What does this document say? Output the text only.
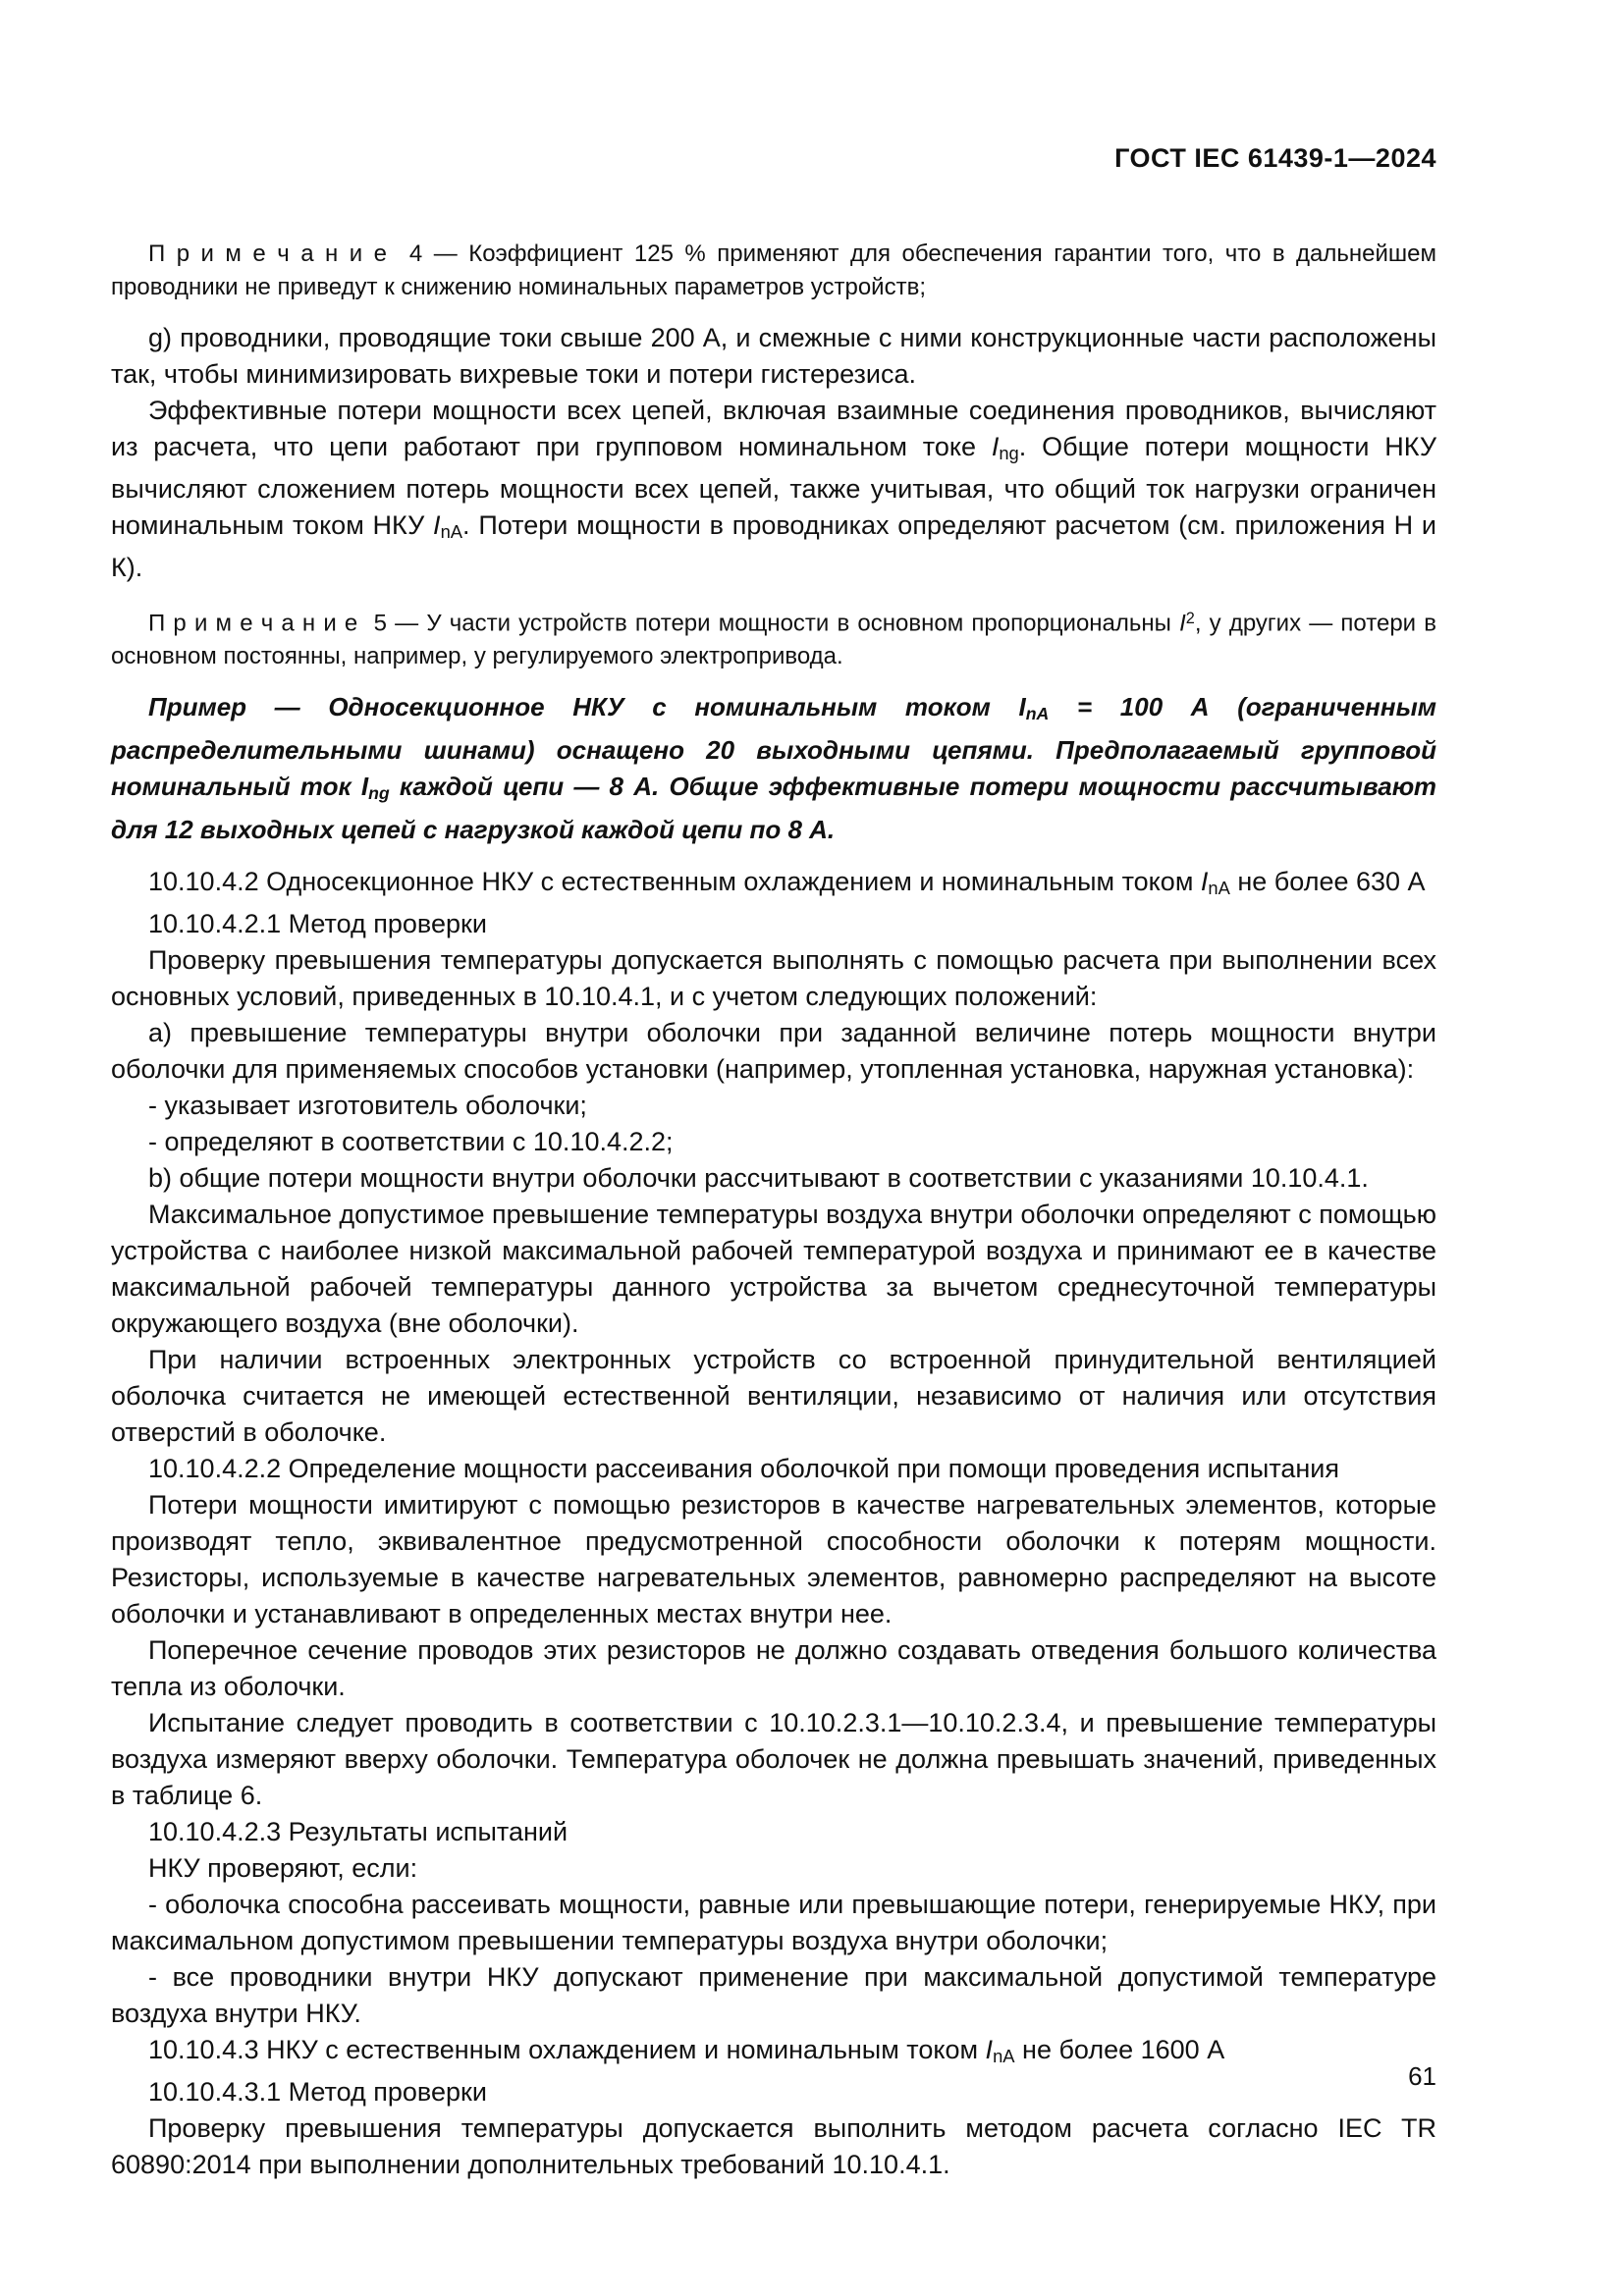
ГОСТ IEC 61439-1—2024

П р и м е ч а н и е  4 — Коэффициент 125 % применяют для обеспечения гарантии того, что в дальнейшем проводники не приведут к снижению номинальных параметров устройств;

g) проводники, проводящие токи свыше 200 А, и смежные с ними конструкционные части расположены так, чтобы минимизировать вихревые токи и потери гистерезиса.

Эффективные потери мощности всех цепей, включая взаимные соединения проводников, вычисляют из расчета, что цепи работают при групповом номинальном токе Ing. Общие потери мощности НКУ вычисляют сложением потерь мощности всех цепей, также учитывая, что общий ток нагрузки ограничен номинальным током НКУ InA. Потери мощности в проводниках определяют расчетом (см. приложения Н и К).

П р и м е ч а н и е  5 — У части устройств потери мощности в основном пропорциональны $I^2$, у других — потери в основном постоянны, например, у регулируемого электропривода.

Пример — Односекционное НКУ с номинальным током InA = 100 А (ограниченным распределительными шинами) оснащено 20 выходными цепями. Предполагаемый групповой номинальный ток Ing каждой цепи — 8 А. Общие эффективные потери мощности рассчитывают для 12 выходных цепей с нагрузкой каждой цепи по 8 А.

10.10.4.2 Односекционное НКУ с естественным охлаждением и номинальным током InA не более 630 А

10.10.4.2.1 Метод проверки

Проверку превышения температуры допускается выполнять с помощью расчета при выполнении всех основных условий, приведенных в 10.10.4.1, и с учетом следующих положений:

а) превышение температуры внутри оболочки при заданной величине потерь мощности внутри оболочки для применяемых способов установки (например, утопленная установка, наружная установка):

- указывает изготовитель оболочки;

- определяют в соответствии с 10.10.4.2.2;

b) общие потери мощности внутри оболочки рассчитывают в соответствии с указаниями 10.10.4.1.

Максимальное допустимое превышение температуры воздуха внутри оболочки определяют с помощью устройства с наиболее низкой максимальной рабочей температурой воздуха и принимают ее в качестве максимальной рабочей температуры данного устройства за вычетом среднесуточной температуры окружающего воздуха (вне оболочки).

При наличии встроенных электронных устройств со встроенной принудительной вентиляцией оболочка считается не имеющей естественной вентиляции, независимо от наличия или отсутствия отверстий в оболочке.

10.10.4.2.2 Определение мощности рассеивания оболочкой при помощи проведения испытания

Потери мощности имитируют с помощью резисторов в качестве нагревательных элементов, которые производят тепло, эквивалентное предусмотренной способности оболочки к потерям мощности. Резисторы, используемые в качестве нагревательных элементов, равномерно распределяют на высоте оболочки и устанавливают в определенных местах внутри нее.

Поперечное сечение проводов этих резисторов не должно создавать отведения большого количества тепла из оболочки.

Испытание следует проводить в соответствии с 10.10.2.3.1—10.10.2.3.4, и превышение температуры воздуха измеряют вверху оболочки. Температура оболочек не должна превышать значений, приведенных в таблице 6.

10.10.4.2.3 Результаты испытаний

НКУ проверяют, если:

- оболочка способна рассеивать мощности, равные или превышающие потери, генерируемые НКУ, при максимальном допустимом превышении температуры воздуха внутри оболочки;

- все проводники внутри НКУ допускают применение при максимальной допустимой температуре воздуха внутри НКУ.

10.10.4.3 НКУ с естественным охлаждением и номинальным током InA не более 1600 А

10.10.4.3.1 Метод проверки

Проверку превышения температуры допускается выполнить методом расчета согласно IEC TR 60890:2014 при выполнении дополнительных требований 10.10.4.1.

61
